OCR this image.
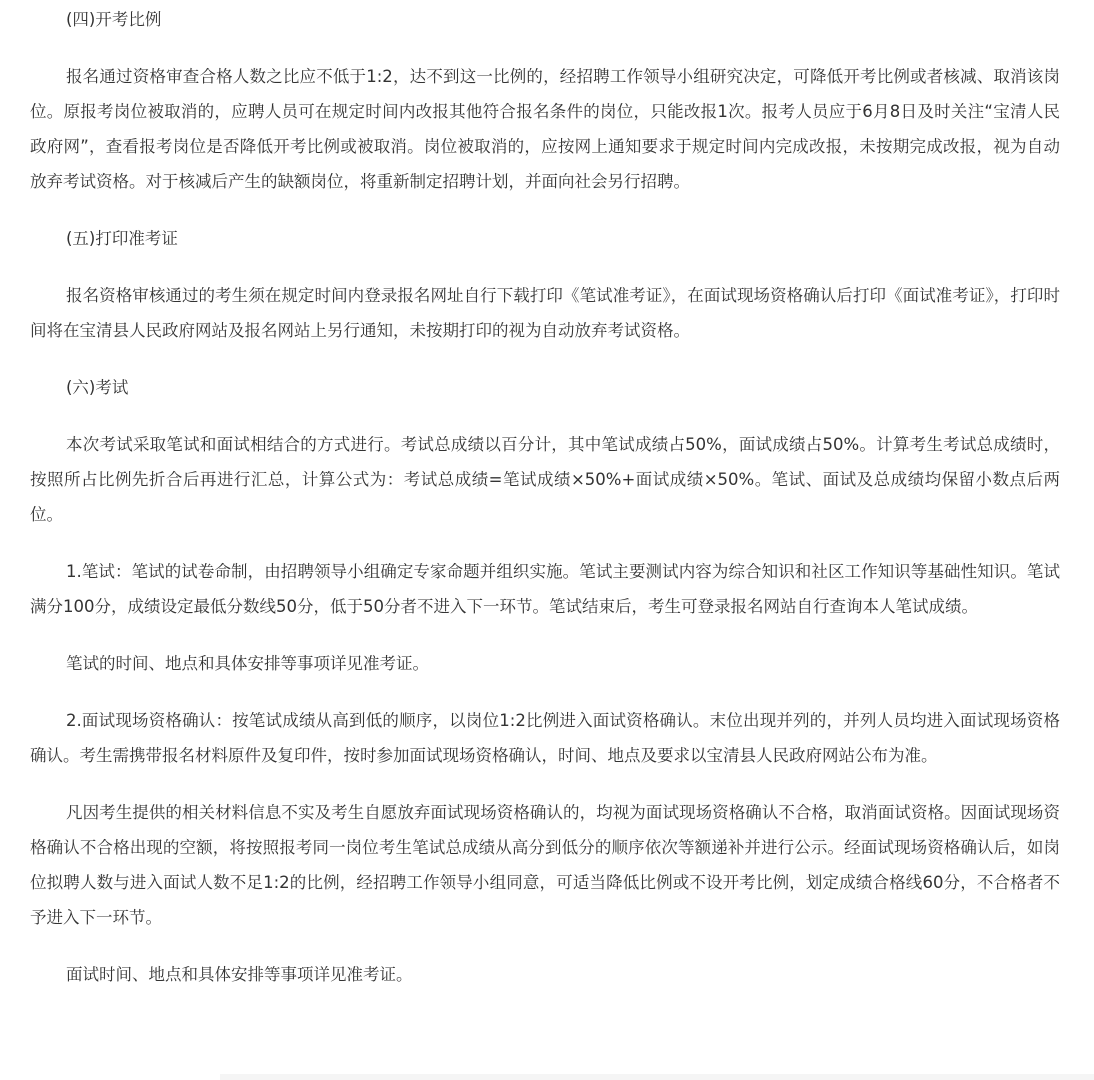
(四)开考比例

报名通过资格审查合格人数之比应不低于1:2，达不到这一比例的，经招聘工作领导小组研究决定，可降低开考比例或者核减、取消该岗位。原报考岗位被取消的，应聘人员可在规定时间内改报其他符合报名条件的岗位，只能改报1次。报考人员应于6月8日及时关注“宝清人民政府网”，查看报考岗位是否降低开考比例或被取消。岗位被取消的，应按网上通知要求于规定时间内完成改报，未按期完成改报，视为自动放弃考试资格。对于核减后产生的缺额岗位，将重新制定招聘计划，并面向社会另行招聘。

(五)打印准考证

报名资格审核通过的考生须在规定时间内登录报名网址自行下载打印《笔试准考证》，在面试现场资格确认后打印《面试准考证》，打印时间将在宝清县人民政府网站及报名网站上另行通知，未按期打印的视为自动放弃考试资格。

(六)考试

本次考试采取笔试和面试相结合的方式进行。考试总成绩以百分计，其中笔试成绩占50%，面试成绩占50%。计算考生考试总成绩时，按照所占比例先折合后再进行汇总，计算公式为：考试总成绩=笔试成绩×50%+面试成绩×50%。笔试、面试及总成绩均保留小数点后两位。

1.笔试：笔试的试卷命制，由招聘领导小组确定专家命题并组织实施。笔试主要测试内容为综合知识和社区工作知识等基础性知识。笔试满分100分，成绩设定最低分数线50分，低于50分者不进入下一环节。笔试结束后，考生可登录报名网站自行查询本人笔试成绩。

笔试的时间、地点和具体安排等事项详见准考证。

2.面试现场资格确认：按笔试成绩从高到低的顺序，以岗位1:2比例进入面试资格确认。末位出现并列的，并列人员均进入面试现场资格确认。考生需携带报名材料原件及复印件，按时参加面试现场资格确认，时间、地点及要求以宝清县人民政府网站公布为准。

凡因考生提供的相关材料信息不实及考生自愿放弃面试现场资格确认的，均视为面试现场资格确认不合格，取消面试资格。因面试现场资格确认不合格出现的空额，将按照报考同一岗位考生笔试总成绩从高分到低分的顺序依次等额递补并进行公示。经面试现场资格确认后，如岗位拟聘人数与进入面试人数不足1:2的比例，经招聘工作领导小组同意，可适当降低比例或不设开考比例，划定成绩合格线60分，不合格者不予进入下一环节。

面试时间、地点和具体安排等事项详见准考证。
